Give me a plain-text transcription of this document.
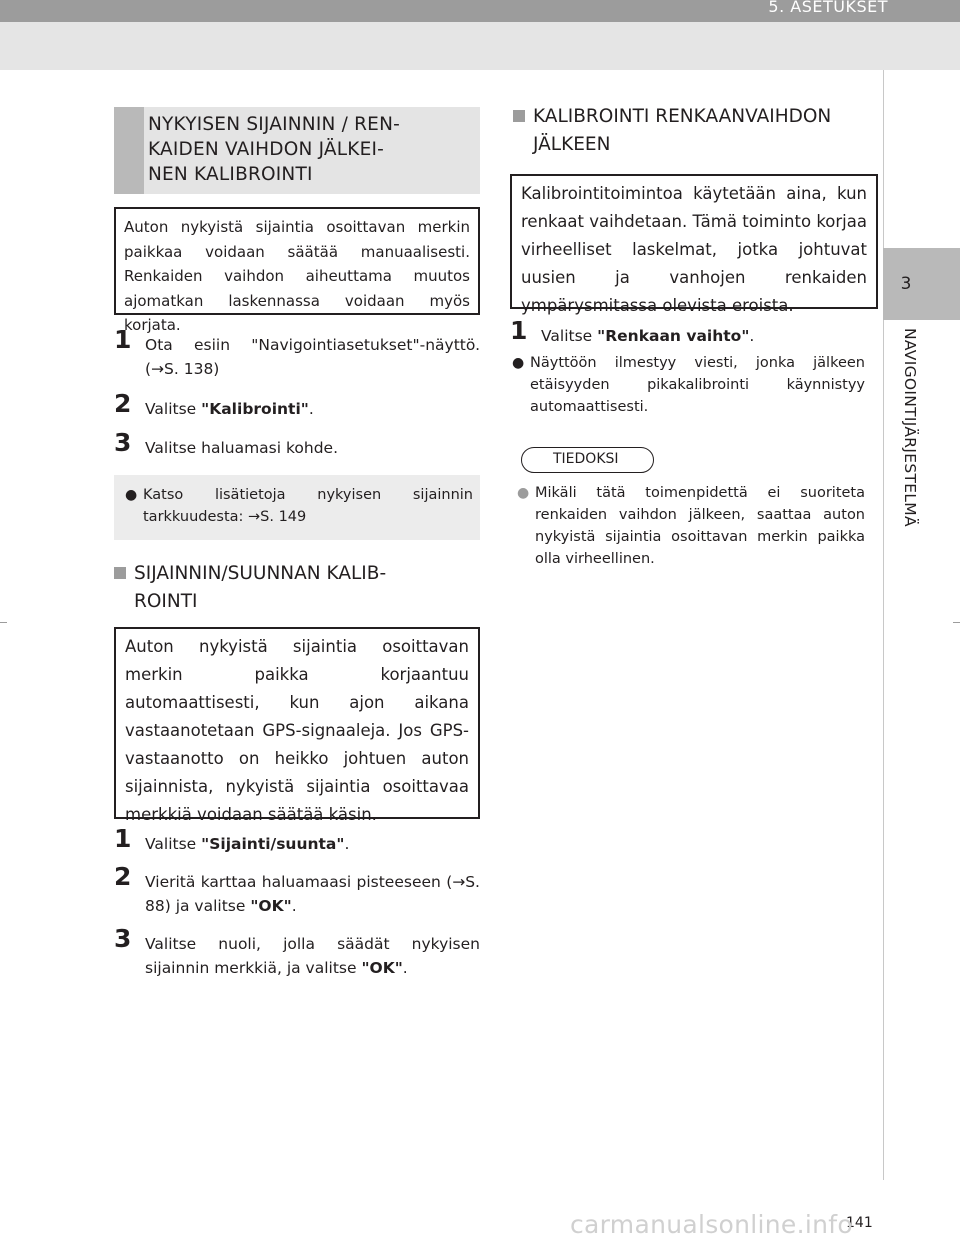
5. ASETUKSET
3
NAVIGOINTIJÄRJESTELMÄ
NYKYISEN SIJAINNIN / REN-
KAIDEN VAIHDON JÄLKEI-
NEN KALIBROINTI
Auton nykyistä sijaintia osoittavan merkin paikkaa voidaan säätää manuaalisesti. Renkaiden vaihdon aiheuttama muutos ajomatkan laskennassa voidaan myös korjata.
1 Ota esiin "Navigointiasetukset"-näyttö. (→S. 138)
2 Valitse "Kalibrointi".
3 Valitse haluamasi kohde.
● Katso lisätietoja nykyisen sijainnin tarkkuudesta: →S. 149
SIJAINNIN/SUUNNAN KALIB-
ROINTI
Auton nykyistä sijaintia osoittavan merkin paikka korjaantuu automaattisesti, kun ajon aikana vastaanotetaan GPS-signaaleja. Jos GPS-vastaanotto on heikko johtuen auton sijainnista, nykyistä sijaintia osoittavaa merkkiä voidaan säätää käsin.
1 Valitse "Sijainti/suunta".
2 Vieritä karttaa haluamaasi pisteeseen (→S. 88) ja valitse "OK".
3 Valitse nuoli, jolla säädät nykyisen sijainnin merkkiä, ja valitse "OK".
KALIBROINTI RENKAANVAIHDON
JÄLKEEN
Kalibrointitoimintoa käytetään aina, kun renkaat vaihdetaan. Tämä toiminto korjaa virheelliset laskelmat, jotka johtuvat uusien ja vanhojen renkaiden ympärysmitassa olevista eroista.
1 Valitse "Renkaan vaihto".
● Näyttöön ilmestyy viesti, jonka jälkeen etäisyyden pikakalibrointi käynnistyy automaattisesti.
TIEDOKSI
● Mikäli tätä toimenpidettä ei suoriteta renkaiden vaihdon jälkeen, saattaa auton nykyistä sijaintia osoittavan merkin paikka olla virheellinen.
141
carmanualsonline.info
